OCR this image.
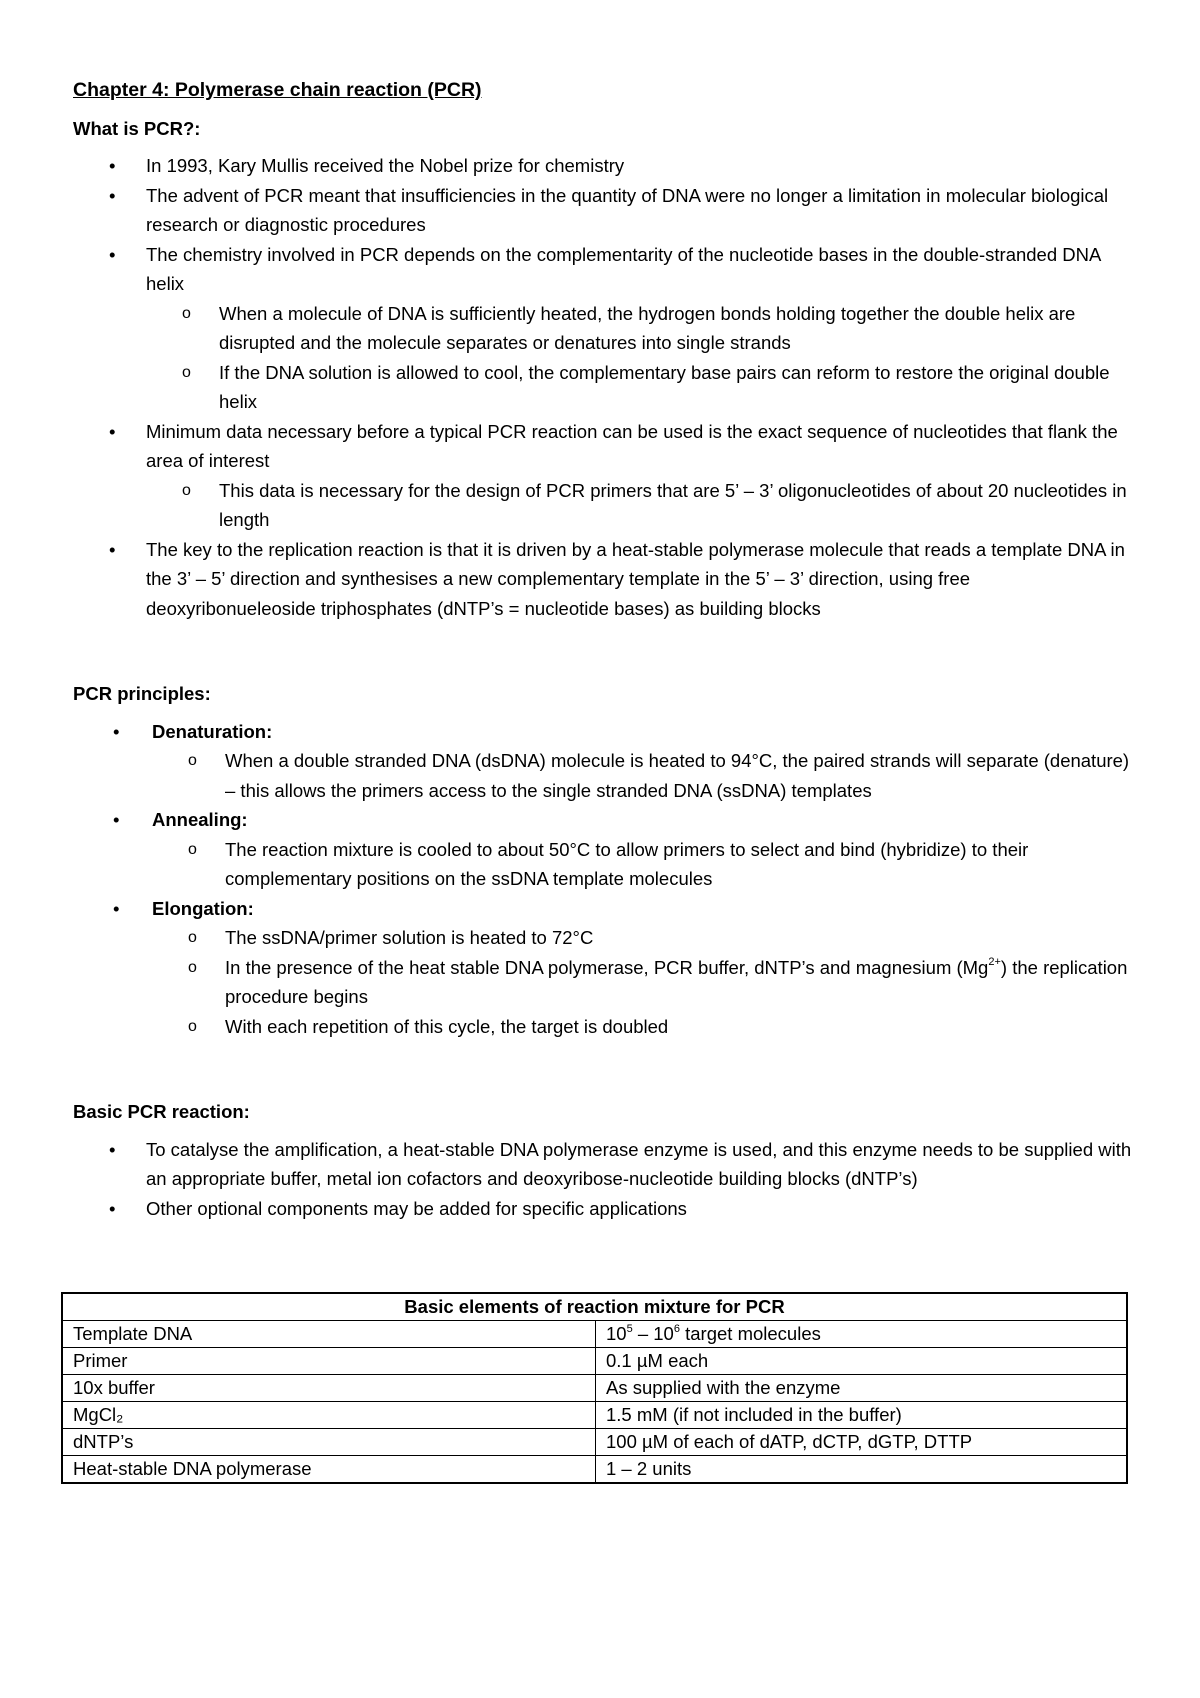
Chapter 4: Polymerase chain reaction (PCR)
What is PCR?:
• In 1993, Kary Mullis received the Nobel prize for chemistry
• The advent of PCR meant that insufficiencies in the quantity of DNA were no longer a limitation in molecular biological research or diagnostic procedures
• The chemistry involved in PCR depends on the complementarity of the nucleotide bases in the double-stranded DNA helix
o When a molecule of DNA is sufficiently heated, the hydrogen bonds holding together the double helix are disrupted and the molecule separates or denatures into single strands
o If the DNA solution is allowed to cool, the complementary base pairs can reform to restore the original double helix
• Minimum data necessary before a typical PCR reaction can be used is the exact sequence of nucleotides that flank the area of interest
o This data is necessary for the design of PCR primers that are 5’ – 3’ oligonucleotides of about 20 nucleotides in length
• The key to the replication reaction is that it is driven by a heat-stable polymerase molecule that reads a template DNA in the 3’ – 5’ direction and synthesises a new complementary template in the 5’ – 3’ direction, using free deoxyribonueleoside triphosphates (dNTP’s = nucleotide bases) as building blocks
PCR principles:
• Denaturation:
o When a double stranded DNA (dsDNA) molecule is heated to 94°C, the paired strands will separate (denature) – this allows the primers access to the single stranded DNA (ssDNA) templates
• Annealing:
o The reaction mixture is cooled to about 50°C to allow primers to select and bind (hybridize) to their complementary positions on the ssDNA template molecules
• Elongation:
o The ssDNA/primer solution is heated to 72°C
o In the presence of the heat stable DNA polymerase, PCR buffer, dNTP’s and magnesium $(Mg^{2+})$ the replication procedure begins
o With each repetition of this cycle, the target is doubled
Basic PCR reaction:
• To catalyse the amplification, a heat-stable DNA polymerase enzyme is used, and this enzyme needs to be supplied with an appropriate buffer, metal ion cofactors and deoxyribose-nucleotide building blocks (dNTP’s)
• Other optional components may be added for specific applications
Basic elements of reaction mixture for PCR	
Template DNA	$10^5 - 10^6$ target molecules
Primer	0.1 µM each
10x buffer	As supplied with the enzyme
MgCl₂	1.5 mM (if not included in the buffer)
dNTP’s	100 µM of each of dATP, dCTP, dGTP, DTTP
Heat-stable DNA polymerase	1 – 2 units
